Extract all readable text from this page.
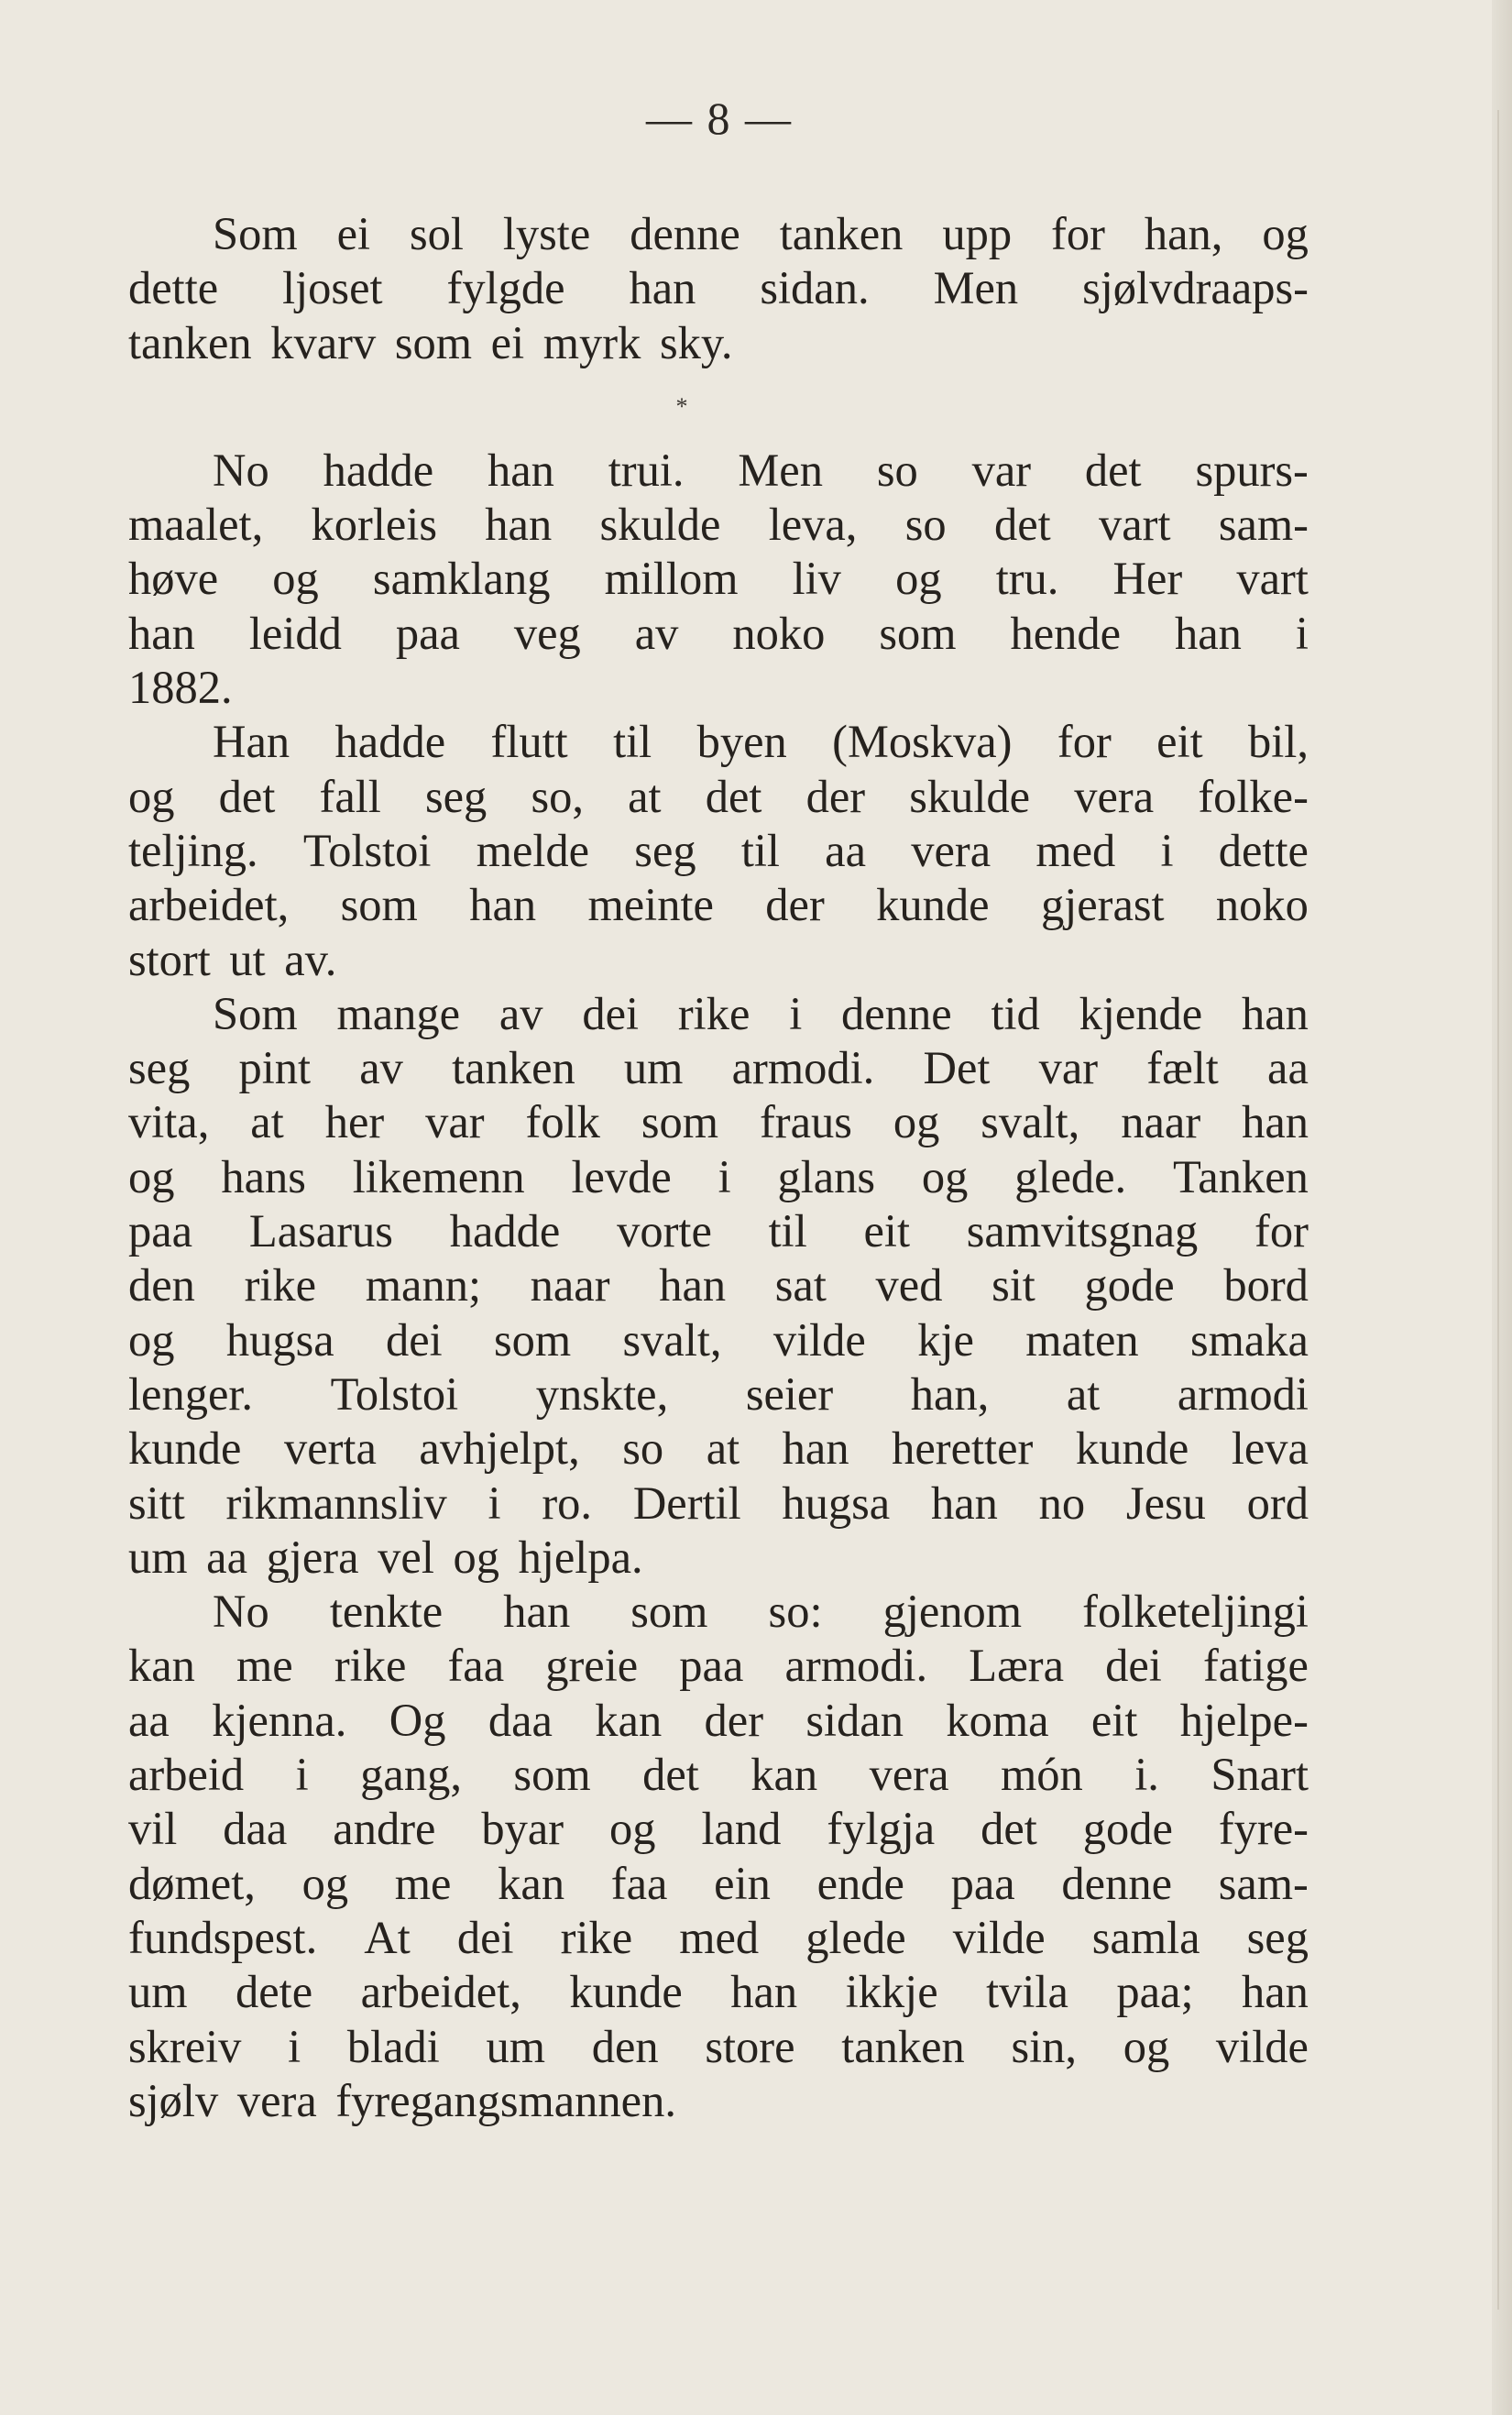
— 8 —
Som ei sol lyste denne tanken upp for han, og
dette ljoset fylgde han sidan. Men sjølvdraaps-
tanken kvarv som ei myrk sky.
*
No hadde han trui. Men so var det spurs-
maalet, korleis han skulde leva, so det vart sam-
høve og samklang millom liv og tru. Her vart
han leidd paa veg av noko som hende han i
1882.
Han hadde flutt til byen (Moskva) for eit bil,
og det fall seg so, at det der skulde vera folke-
teljing. Tolstoi melde seg til aa vera med i dette
arbeidet, som han meinte der kunde gjerast noko
stort ut av.
Som mange av dei rike i denne tid kjende han
seg pint av tanken um armodi. Det var fælt aa
vita, at her var folk som fraus og svalt, naar han
og hans likemenn levde i glans og glede. Tanken
paa Lasarus hadde vorte til eit samvitsgnag for
den rike mann; naar han sat ved sit gode bord
og hugsa dei som svalt, vilde kje maten smaka
lenger. Tolstoi ynskte, seier han, at armodi
kunde verta avhjelpt, so at han heretter kunde leva
sitt rikmannsliv i ro. Dertil hugsa han no Jesu ord
um aa gjera vel og hjelpa.
No tenkte han som so: gjenom folketeljingi
kan me rike faa greie paa armodi. Læra dei fatige
aa kjenna. Og daa kan der sidan koma eit hjelpe-
arbeid i gang, som det kan vera món i. Snart
vil daa andre byar og land fylgja det gode fyre-
dømet, og me kan faa ein ende paa denne sam-
fundspest. At dei rike med glede vilde samla seg
um dete arbeidet, kunde han ikkje tvila paa; han
skreiv i bladi um den store tanken sin, og vilde
sjølv vera fyregangsmannen.
